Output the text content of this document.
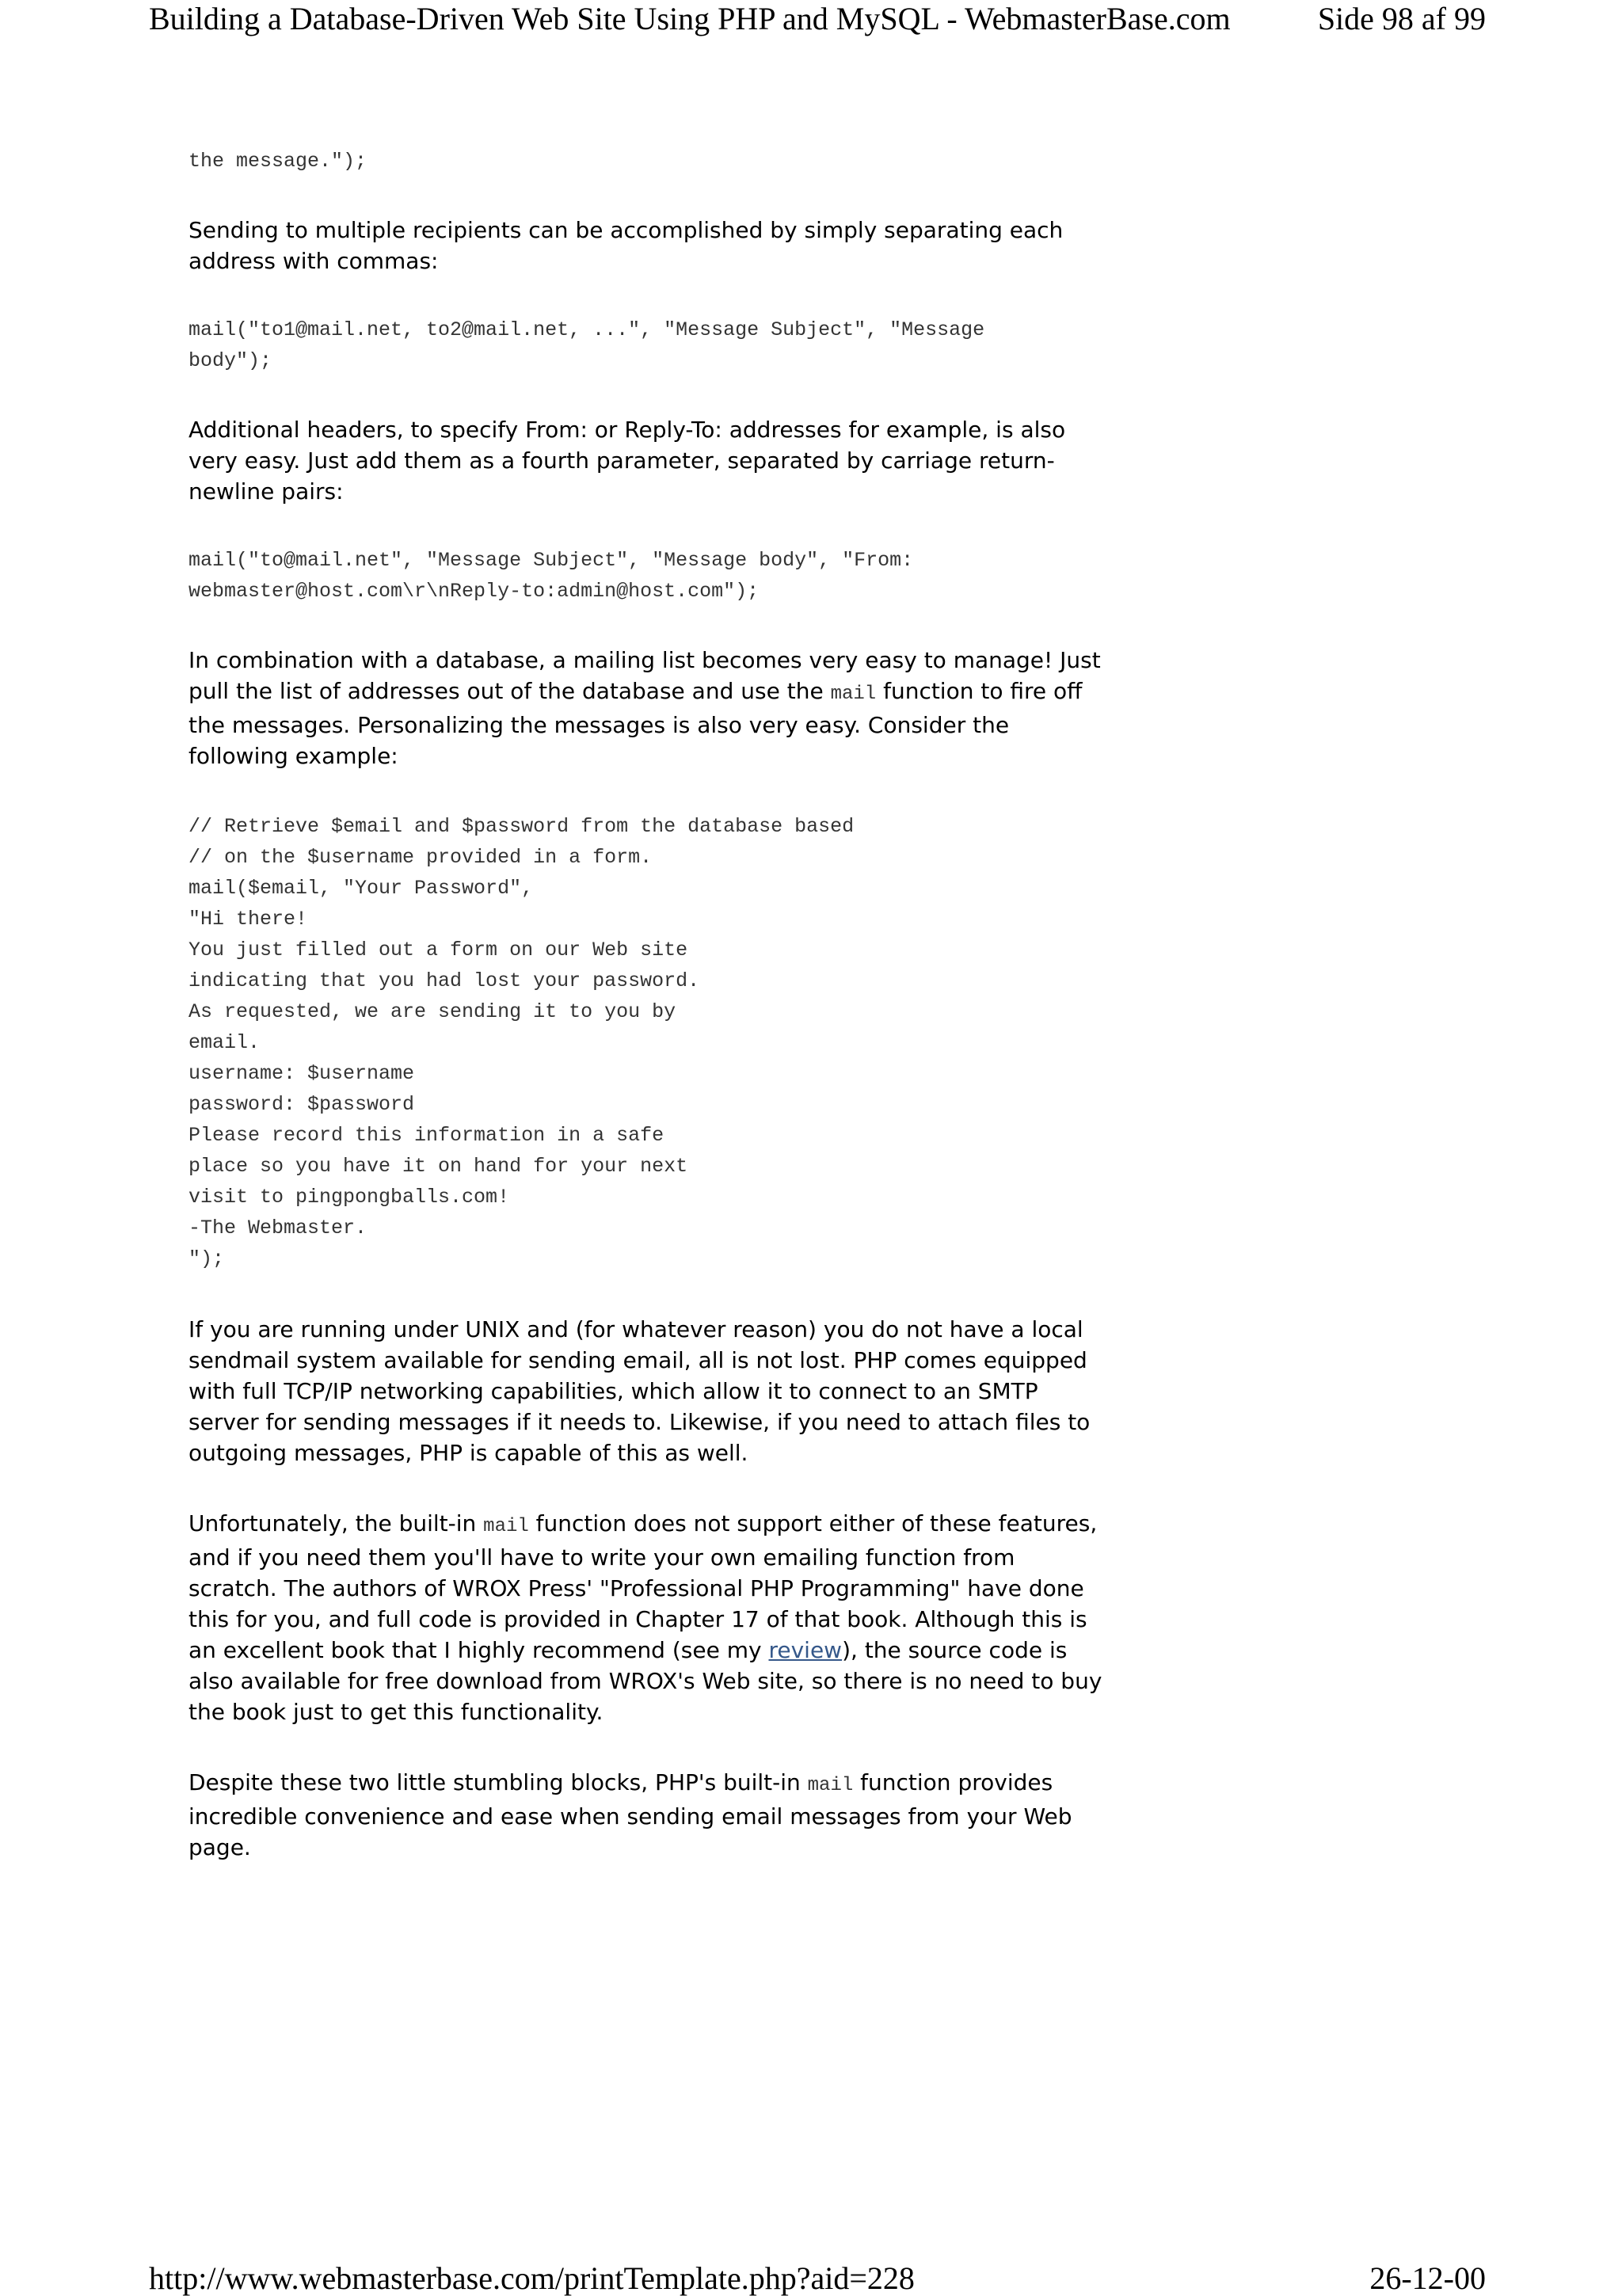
Building a Database-Driven Web Site Using PHP and MySQL - WebmasterBase.com	Side 98 af 99
the message.");

Sending to multiple recipients can be accomplished by simply separating each
address with commas:

mail("to1@mail.net, to2@mail.net, ...", "Message Subject", "Message
body");

Additional headers, to specify From: or Reply-To: addresses for example, is also
very easy. Just add them as a fourth parameter, separated by carriage return-
newline pairs:

mail("to@mail.net", "Message Subject", "Message body", "From:
webmaster@host.com\r\nReply-to:admin@host.com");

In combination with a database, a mailing list becomes very easy to manage! Just
pull the list of addresses out of the database and use the mail function to fire off
the messages. Personalizing the messages is also very easy. Consider the
following example:

// Retrieve $email and $password from the database based
// on the $username provided in a form.
mail($email, "Your Password",
"Hi there!
You just filled out a form on our Web site
indicating that you had lost your password.
As requested, we are sending it to you by
email.
username: $username
password: $password
Please record this information in a safe
place so you have it on hand for your next
visit to pingpongballs.com!
-The Webmaster.
");

If you are running under UNIX and (for whatever reason) you do not have a local
sendmail system available for sending email, all is not lost. PHP comes equipped
with full TCP/IP networking capabilities, which allow it to connect to an SMTP
server for sending messages if it needs to. Likewise, if you need to attach files to
outgoing messages, PHP is capable of this as well.

Unfortunately, the built-in mail function does not support either of these features,
and if you need them you'll have to write your own emailing function from
scratch. The authors of WROX Press' "Professional PHP Programming" have done
this for you, and full code is provided in Chapter 17 of that book. Although this is
an excellent book that I highly recommend (see my review), the source code is
also available for free download from WROX's Web site, so there is no need to buy
the book just to get this functionality.

Despite these two little stumbling blocks, PHP's built-in mail function provides
incredible convenience and ease when sending email messages from your Web
page.

http://www.webmasterbase.com/printTemplate.php?aid=228	26-12-00
